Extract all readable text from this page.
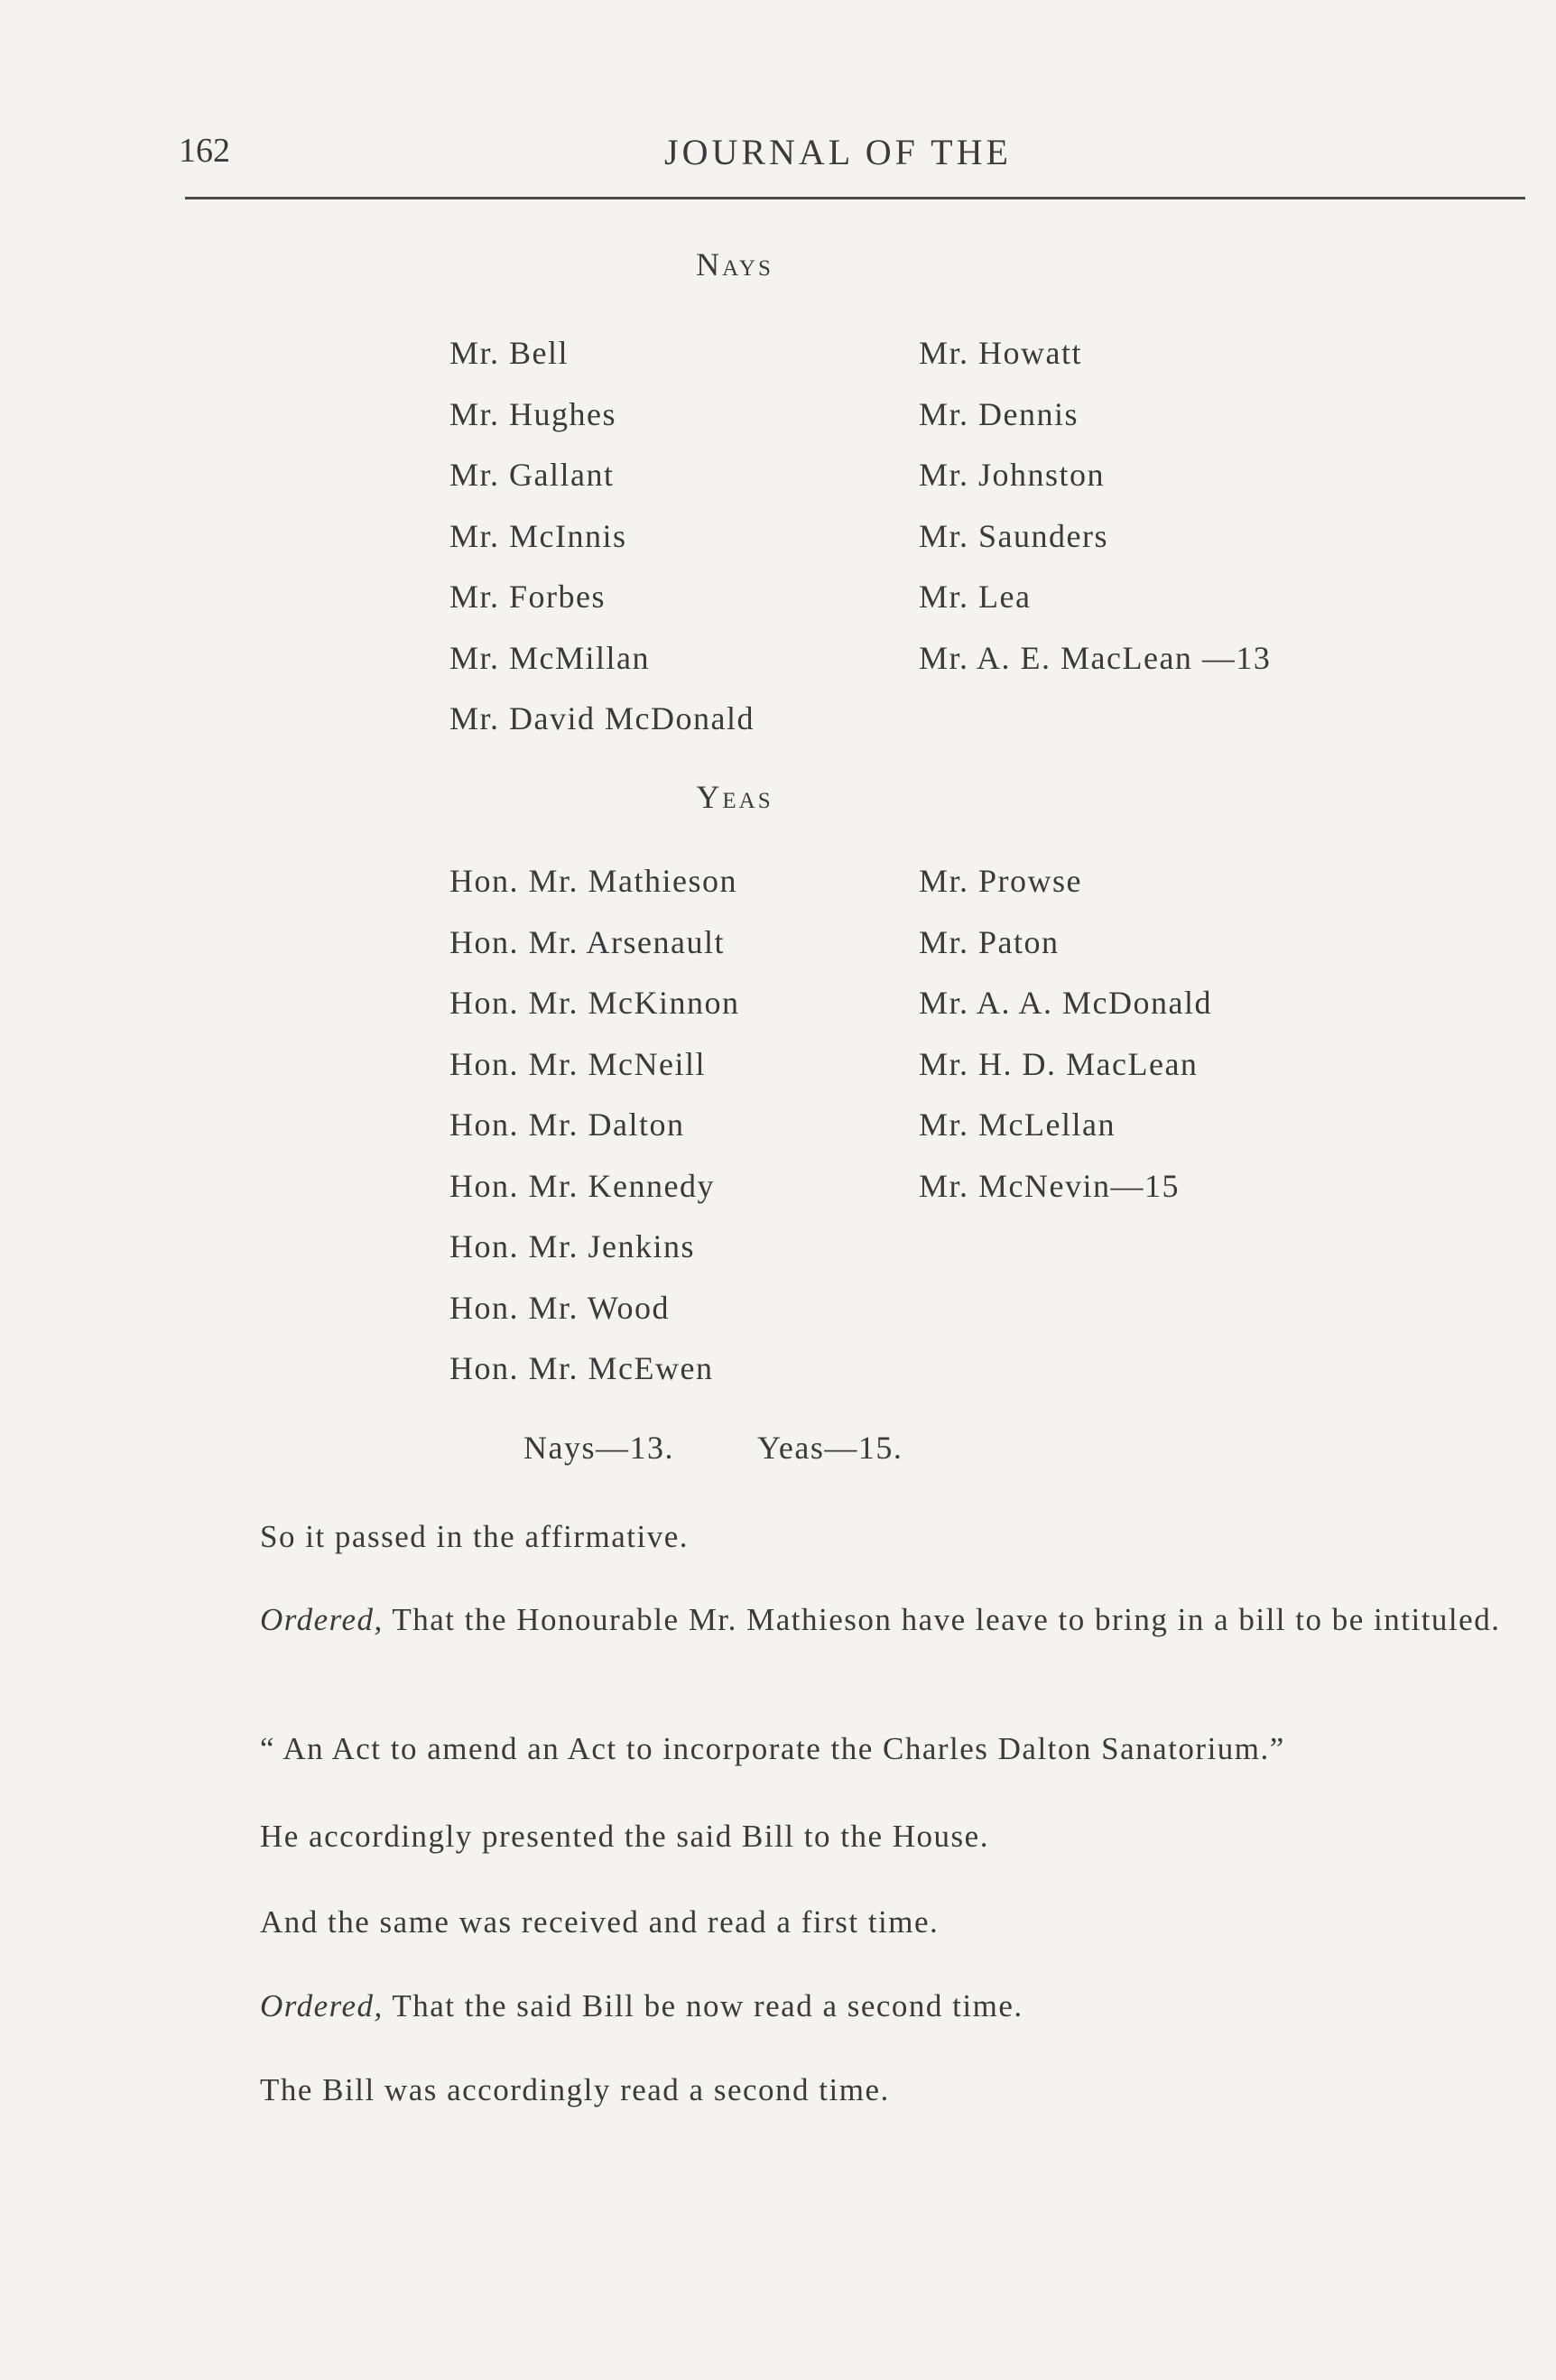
162	JOURNAL OF THE
Nays
Mr. Bell
Mr. Hughes
Mr. Gallant
Mr. McInnis
Mr. Forbes
Mr. McMillan
Mr. David McDonald
Mr. Howatt
Mr. Dennis
Mr. Johnston
Mr. Saunders
Mr. Lea
Mr. A. E. MacLean —13
Yeas
Hon. Mr. Mathieson
Hon. Mr. Arsenault
Hon. Mr. McKinnon
Hon. Mr. McNeill
Hon. Mr. Dalton
Hon. Mr. Kennedy
Hon. Mr. Jenkins
Hon. Mr. Wood
Hon. Mr. McEwen
Mr. Prowse
Mr. Paton
Mr. A. A. McDonald
Mr. H. D. MacLean
Mr. McLellan
Mr. McNevin—15
Nays—13.	Yeas—15.

So it passed in the affirmative.

Ordered, That the Honourable Mr. Mathieson have leave to bring in a bill to be intituled.

“ An Act to amend an Act to incorporate the Charles Dalton Sanatorium.”

He accordingly presented the said Bill to the House.

And the same was received and read a first time.

Ordered, That the said Bill be now read a second time.

The Bill was accordingly read a second time.
